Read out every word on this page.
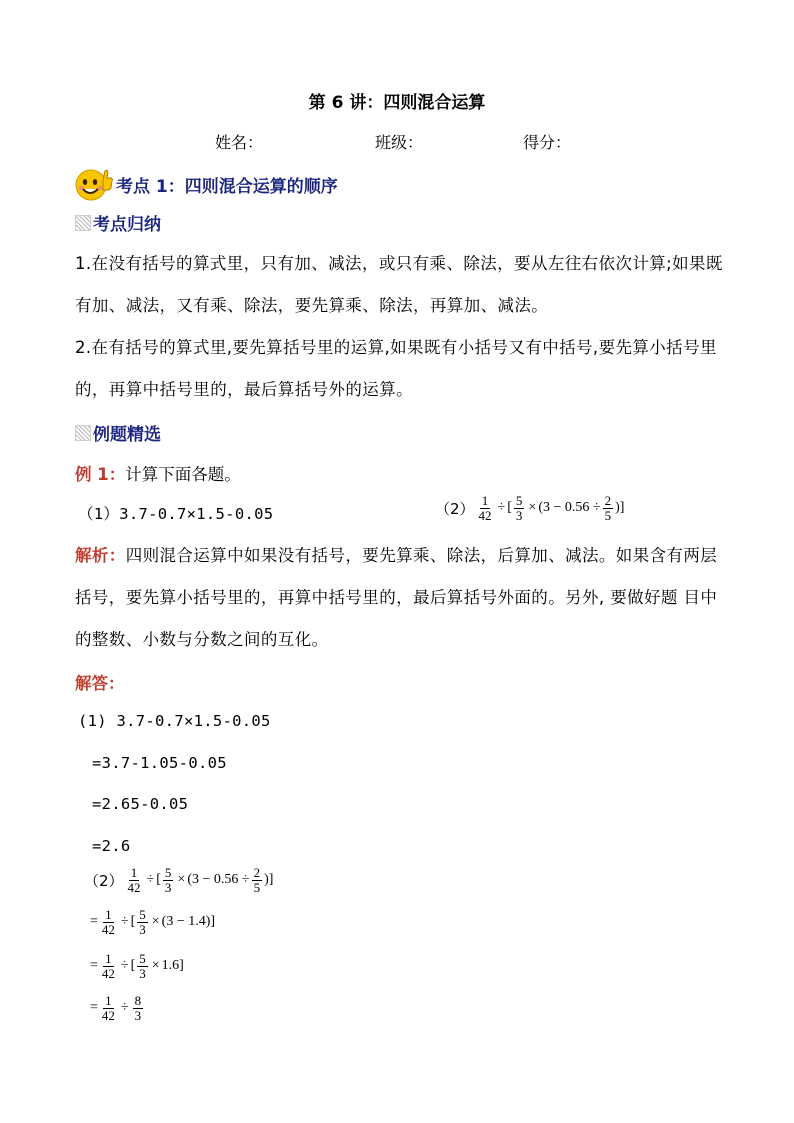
第 6 讲：四则混合运算
姓名：	班级：	得分：
考点 1：四则混合运算的顺序
考点归纳
1.在没有括号的算式里，只有加、减法，或只有乘、除法，要从左往右依次计算;如果既有加、减法，又有乘、除法，要先算乘、除法，再算加、减法。
2.在有括号的算式里,要先算括号里的运算,如果既有小括号又有中括号,要先算小括号里的，再算中括号里的，最后算括号外的运算。
例题精选
例 1：计算下面各题。
（1）3.7-0.7×1.5-0.05	$(2) \frac{1}{42}$ ÷ [ $\frac{5}{3} \times (3 - 0.56 \div \frac{2}{5}$ )]
解析：四则混合运算中如果没有括号，要先算乘、除法，后算加、减法。如果含有两层括号，要先算小括号里的，再算中括号里的，最后算括号外面的。另外, 要做好题 目中的整数、小数与分数之间的互化。
解答：
(1) 3.7-0.7×1.5-0.05
=3.7-1.05-0.05
=2.65-0.05
=2.6
$(2) \frac{1}{42}$ ÷ [ $\frac{5}{3} \times (3 - 0.56 \div \frac{2}{5}$ )]
= $\frac{1}{42}$ ÷ [ $\frac{5}{3} \times (3 - 1.4)$]
= $\frac{1}{42}$ ÷ [ $\frac{5}{3} \times 1.6$]
= $\frac{1}{42} \div \frac{8}{3}$
